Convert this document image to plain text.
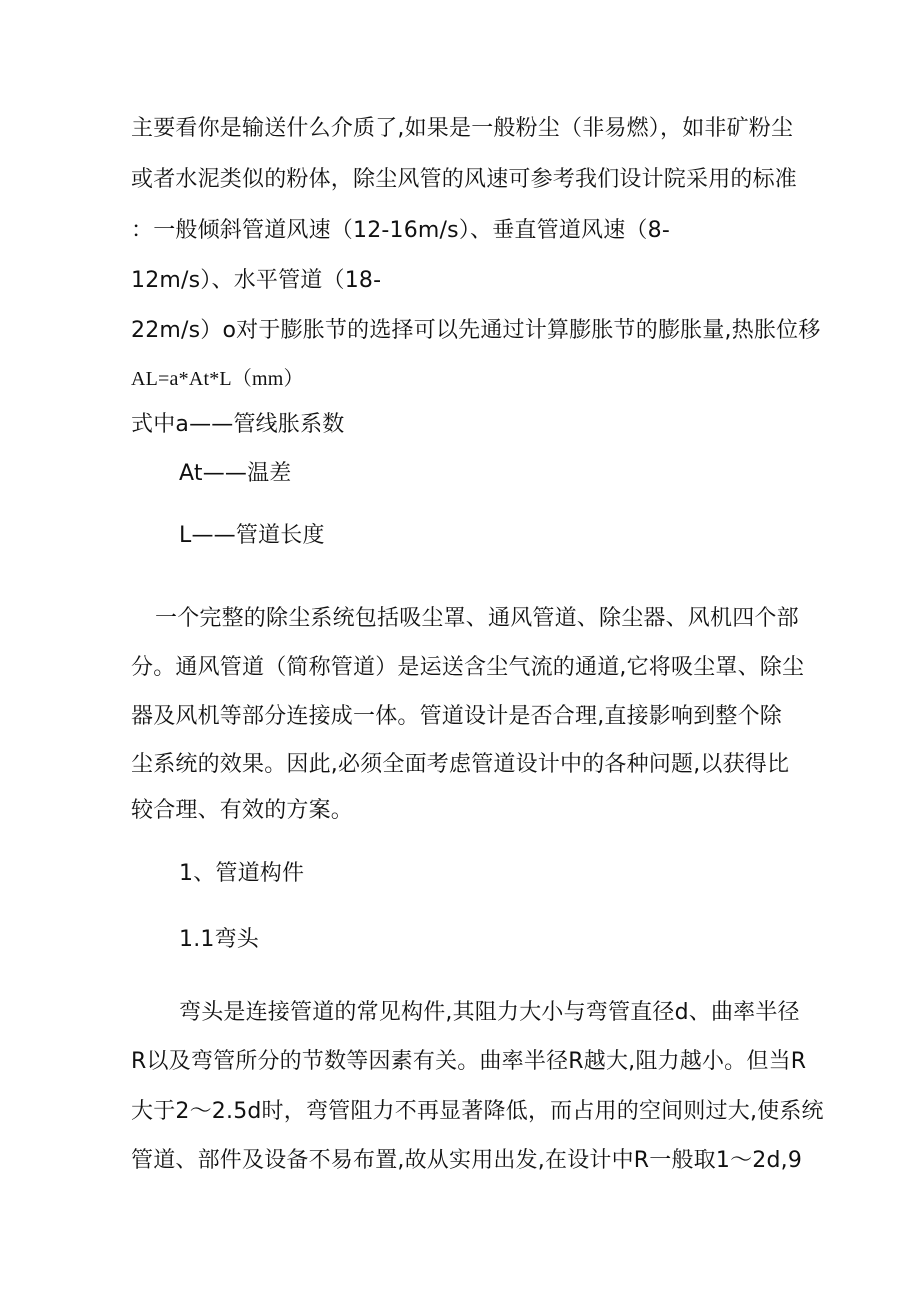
主要看你是输送什么介质了,如果是一般粉尘（非易燃），如非矿粉尘
或者水泥类似的粉体，除尘风管的风速可参考我们设计院采用的标准
：一般倾斜管道风速（12-16m/s）、垂直管道风速（8-
12m/s）、水平管道（18-
22m/s）o对于膨胀节的选择可以先通过计算膨胀节的膨胀量,热胀位移
AL=a*At*L（mm）
式中a——管线胀系数
At——温差
L——管道长度
一个完整的除尘系统包括吸尘罩、通风管道、除尘器、风机四个部
分。通风管道（简称管道）是运送含尘气流的通道,它将吸尘罩、除尘
器及风机等部分连接成一体。管道设计是否合理,直接影响到整个除
尘系统的效果。因此,必须全面考虑管道设计中的各种问题,以获得比
较合理、有效的方案。
1、管道构件
1.1弯头
弯头是连接管道的常见构件,其阻力大小与弯管直径d、曲率半径
R以及弯管所分的节数等因素有关。曲率半径R越大,阻力越小。但当R
大于2〜2.5d时，弯管阻力不再显著降低，而占用的空间则过大,使系统
管道、部件及设备不易布置,故从实用出发,在设计中R一般取1〜2d,9
